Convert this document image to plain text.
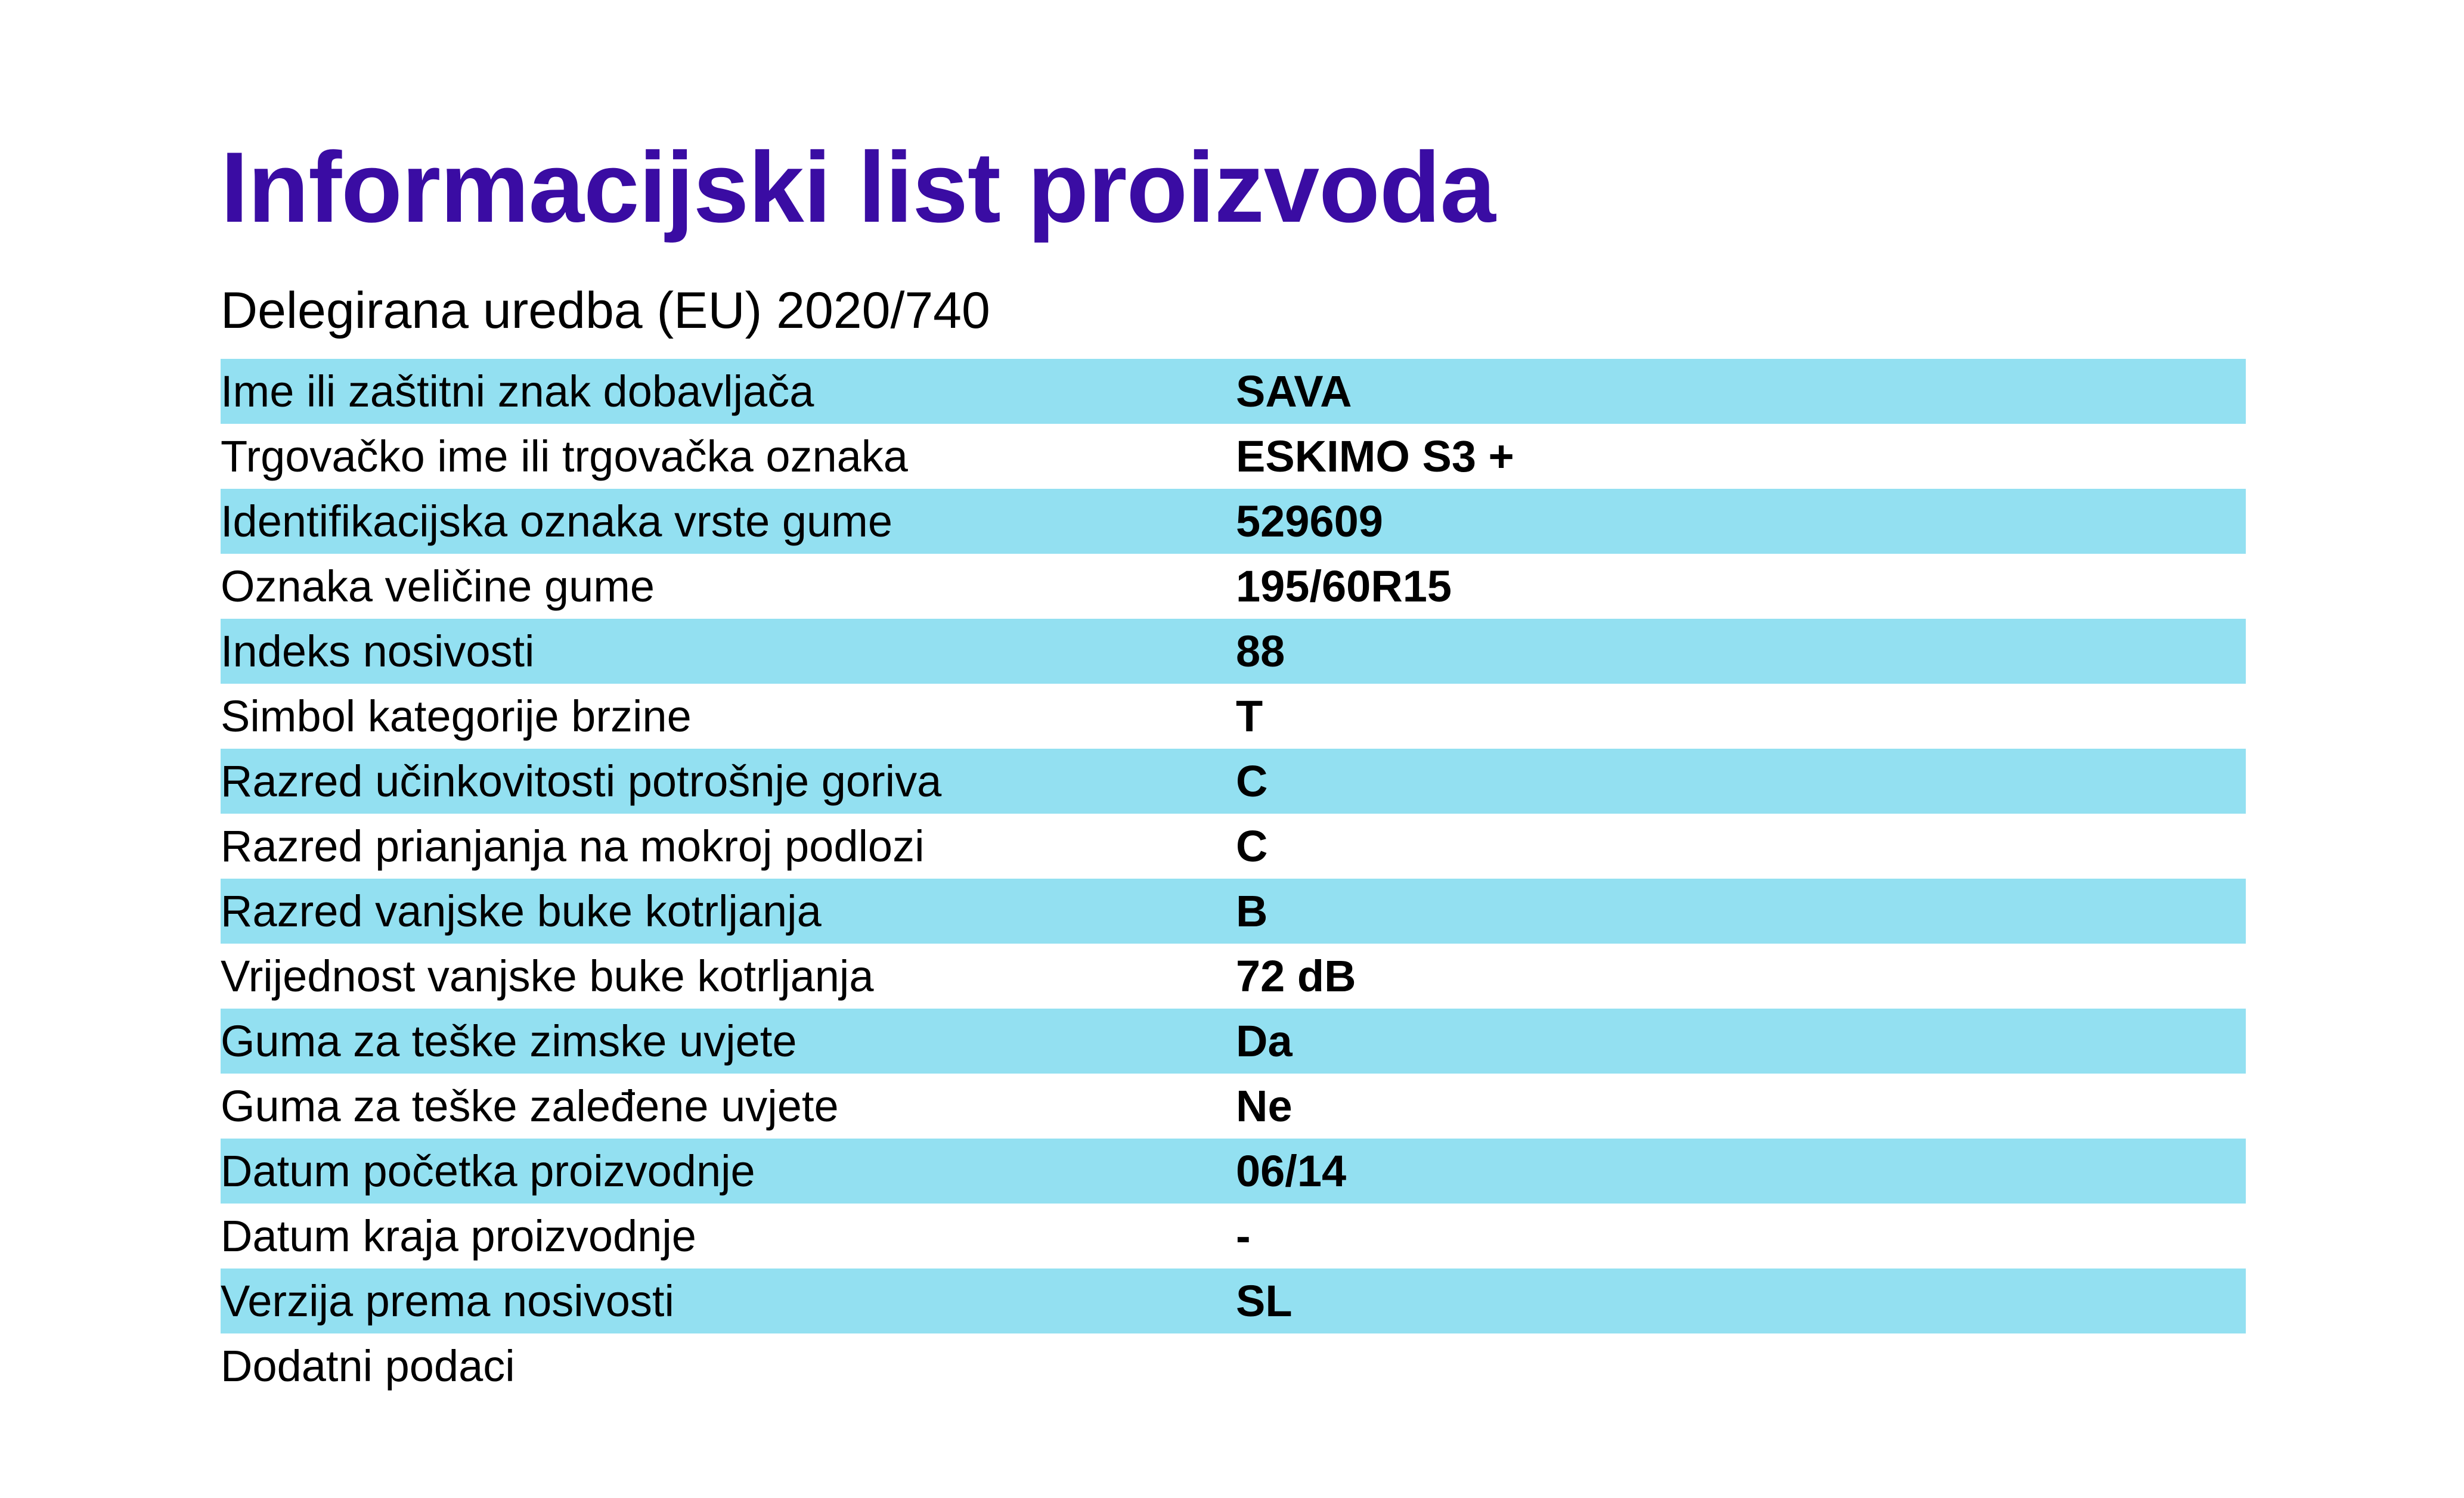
Informacijski list proizvoda
Delegirana uredba (EU) 2020/740
Ime ili zaštitni znak dobavljača	SAVA
Trgovačko ime ili trgovačka oznaka	ESKIMO S3 +
Identifikacijska oznaka vrste gume	529609
Oznaka veličine gume	195/60R15
Indeks nosivosti	88
Simbol kategorije brzine	T
Razred učinkovitosti potrošnje goriva	C
Razred prianjanja na mokroj podlozi	C
Razred vanjske buke kotrljanja	B
Vrijednost vanjske buke kotrljanja	72 dB
Guma za teške zimske uvjete	Da
Guma za teške zaleđene uvjete	Ne
Datum početka proizvodnje	06/14
Datum kraja proizvodnje	-
Verzija prema nosivosti	SL
Dodatni podaci
